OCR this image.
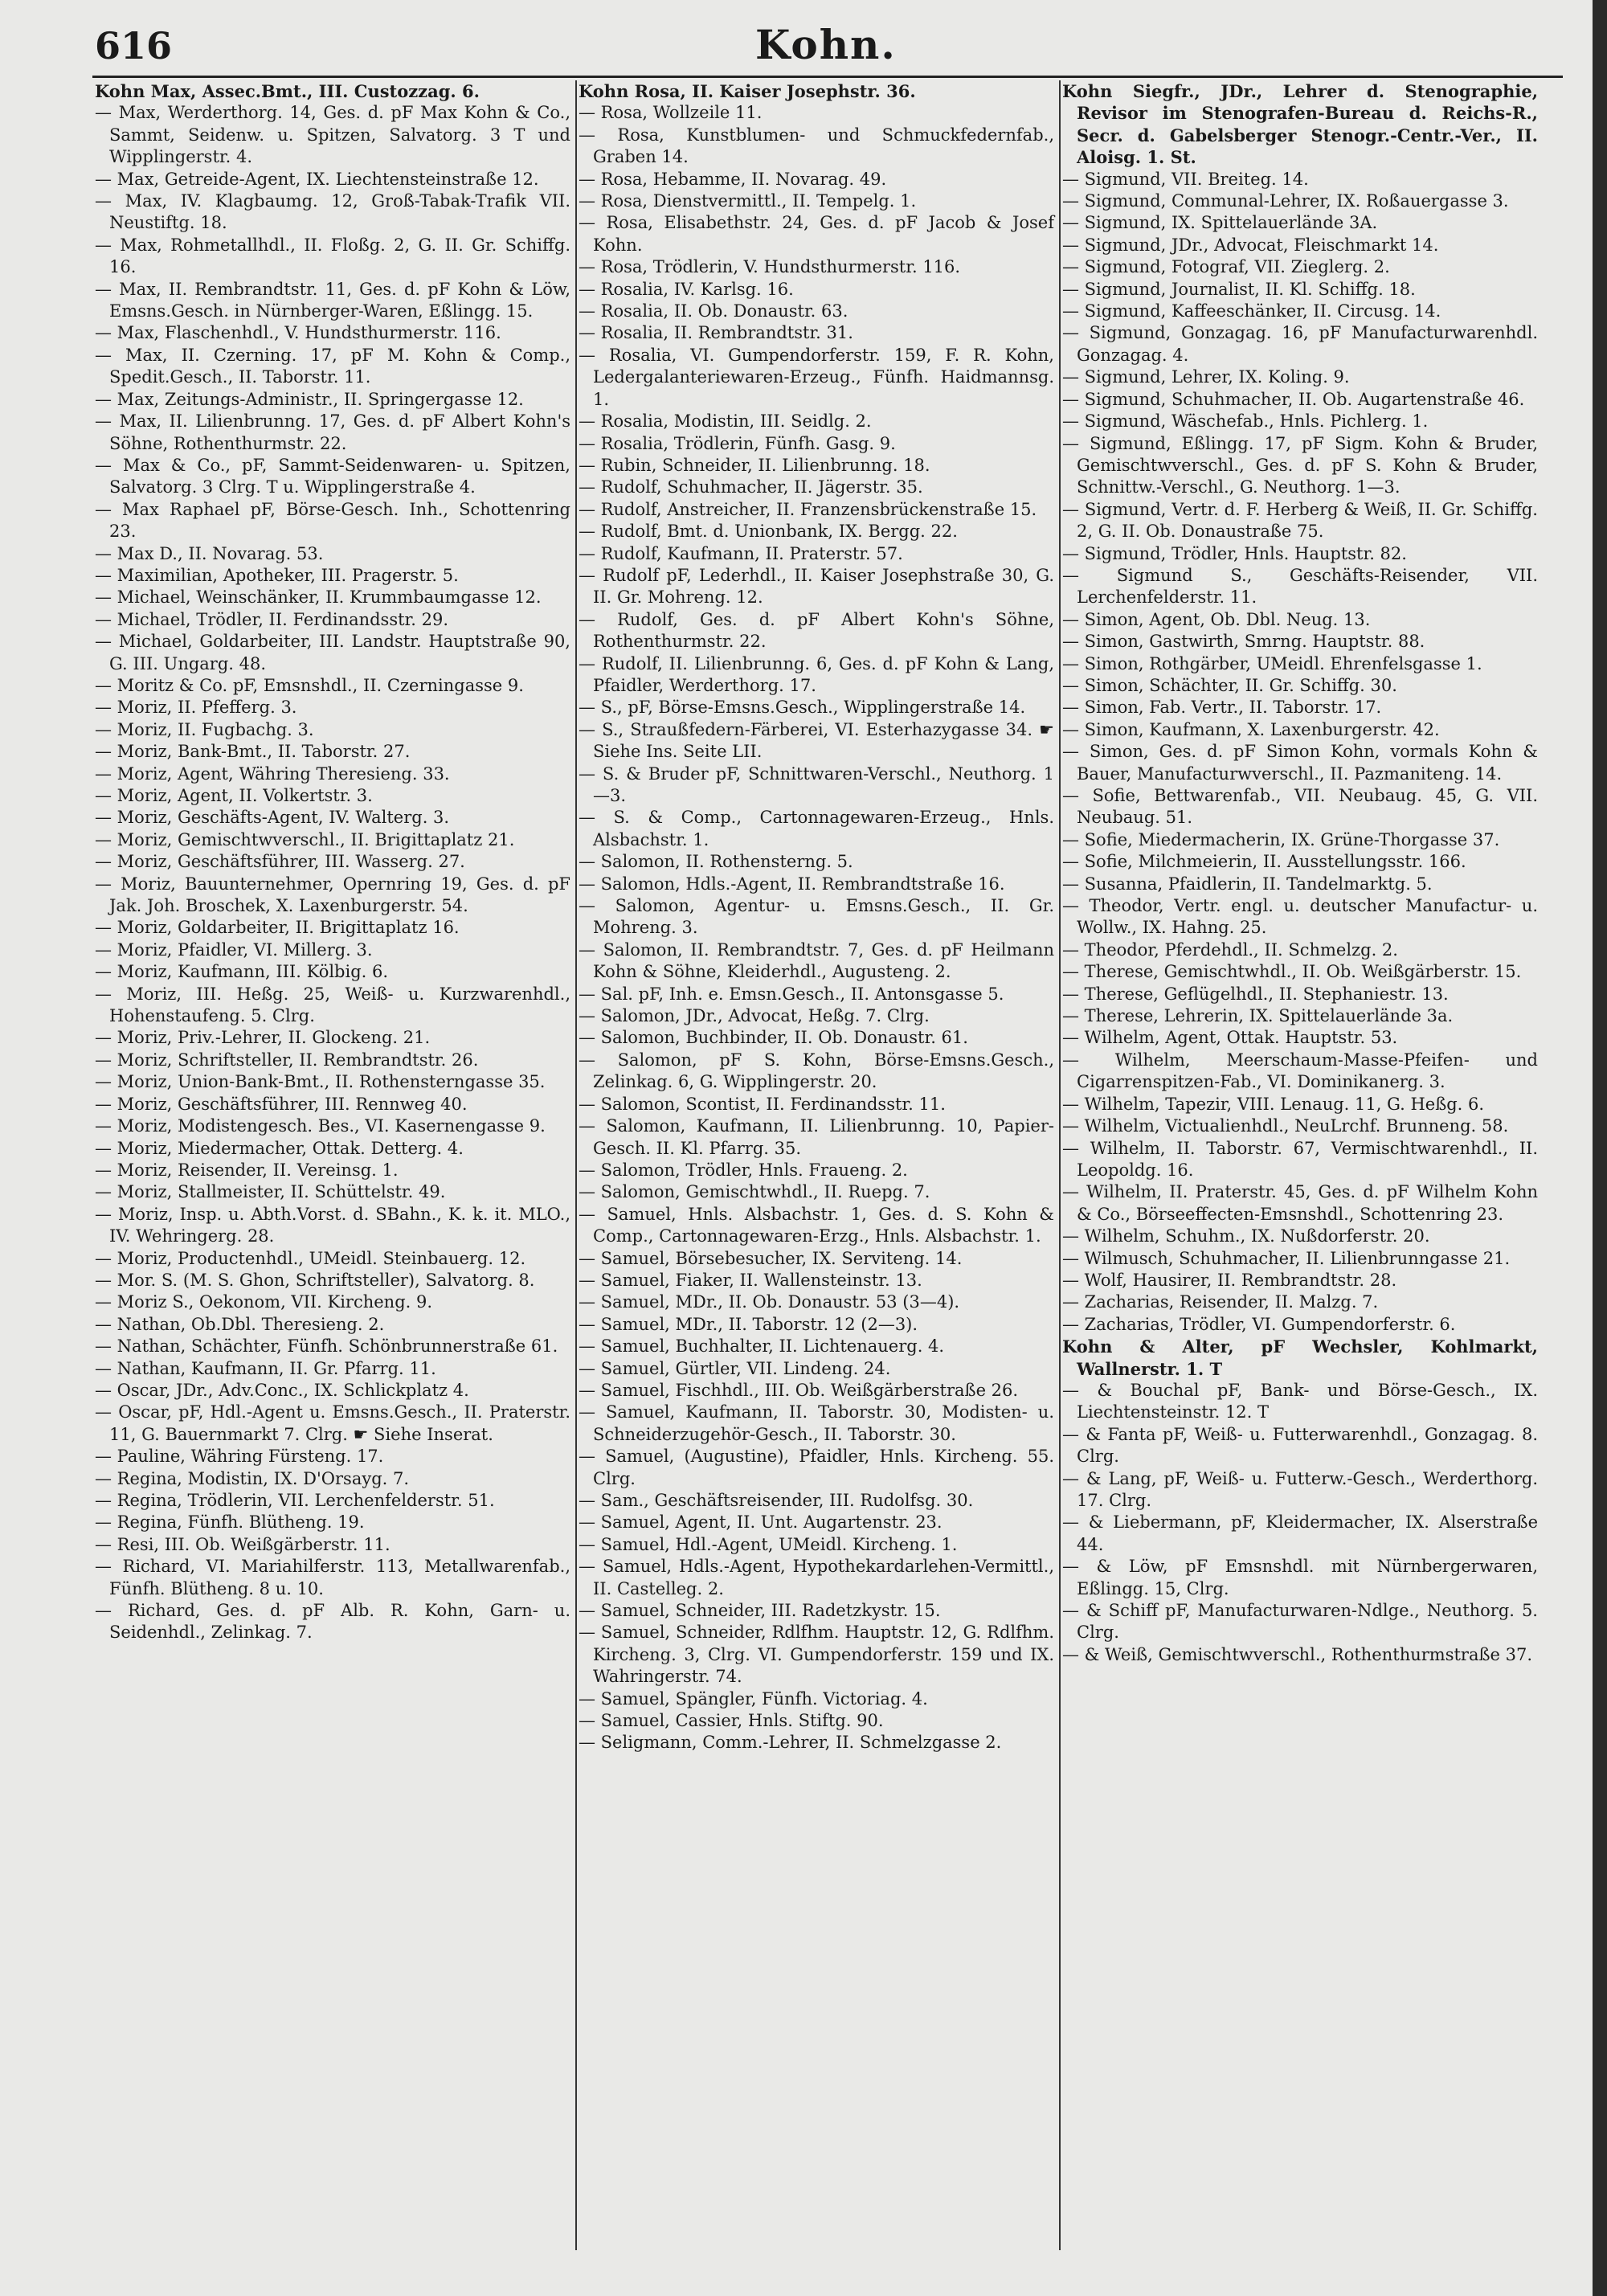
616	Kohn.
Kohn Max, Assec.Bmt., III. Custozzag. 6.
— Max, Werderthorg. 14, Ges. d. pF Max Kohn & Co., Sammt, Seidenw. u. Spitzen, Salvatorg. 3 T und Wipplingerstr. 4.
— Max, Getreide-Agent, IX. Liechtensteinstraße 12.
— Max, IV. Klagbaumg. 12, Groß-Tabak-Trafik VII. Neustiftg. 18.
— Max, Rohmetallhdl., II. Floßg. 2, G. II. Gr. Schiffg. 16.
— Max, II. Rembrandtstr. 11, Ges. d. pF Kohn & Löw, Emsns.Gesch. in Nürnberger-Waren, Eßlingg. 15.
— Max, Flaschenhdl., V. Hundsthurmerstr. 116.
— Max, II. Czerning. 17, pF M. Kohn & Comp., Spedit.Gesch., II. Taborstr. 11.
— Max, Zeitungs-Administr., II. Springergasse 12.
— Max, II. Lilienbrunng. 17, Ges. d. pF Albert Kohn's Söhne, Rothenthurmstr. 22.
— Max & Co., pF, Sammt-Seidenwaren- u. Spitzen, Salvatorg. 3 Clrg. T u. Wipplingerstraße 4.
— Max Raphael pF, Börse-Gesch. Inh., Schottenring 23.
— Max D., II. Novarag. 53.
— Maximilian, Apotheker, III. Pragerstr. 5.
— Michael, Weinschänker, II. Krummbaumgasse 12.
— Michael, Trödler, II. Ferdinandsstr. 29.
— Michael, Goldarbeiter, III. Landstr. Hauptstraße 90, G. III. Ungarg. 48.
— Moritz & Co. pF, Emsnshdl., II. Czerningasse 9.
— Moriz, II. Pfefferg. 3.
— Moriz, II. Fugbachg. 3.
— Moriz, Bank-Bmt., II. Taborstr. 27.
— Moriz, Agent, Währing Theresieng. 33.
— Moriz, Agent, II. Volkertstr. 3.
— Moriz, Geschäfts-Agent, IV. Walterg. 3.
— Moriz, Gemischtwverschl., II. Brigittaplatz 21.
— Moriz, Geschäftsführer, III. Wasserg. 27.
— Moriz, Bauunternehmer, Opernring 19, Ges. d. pF Jak. Joh. Broschek, X. Laxenburgerstr. 54.
— Moriz, Goldarbeiter, II. Brigittaplatz 16.
— Moriz, Pfaidler, VI. Millerg. 3.
— Moriz, Kaufmann, III. Kölbig. 6.
— Moriz, III. Heßg. 25, Weiß- u. Kurzwarenhdl., Hohenstaufeng. 5. Clrg.
— Moriz, Priv.-Lehrer, II. Glockeng. 21.
— Moriz, Schriftsteller, II. Rembrandtstr. 26.
— Moriz, Union-Bank-Bmt., II. Rothensterngasse 35.
— Moriz, Geschäftsführer, III. Rennweg 40.
— Moriz, Modistengesch. Bes., VI. Kasernengasse 9.
— Moriz, Miedermacher, Ottak. Detterg. 4.
— Moriz, Reisender, II. Vereinsg. 1.
— Moriz, Stallmeister, II. Schüttelstr. 49.
— Moriz, Insp. u. Abth.Vorst. d. SBahn., K. k. it. MLO., IV. Wehringerg. 28.
— Moriz, Productenhdl., UMeidl. Steinbauerg. 12.
— Mor. S. (M. S. Ghon, Schriftsteller), Salvatorg. 8.
— Moriz S., Oekonom, VII. Kircheng. 9.
— Nathan, Ob.Dbl. Theresieng. 2.
— Nathan, Schächter, Fünfh. Schönbrunnerstraße 61.
— Nathan, Kaufmann, II. Gr. Pfarrg. 11.
— Oscar, JDr., Adv.Conc., IX. Schlickplatz 4.
— Oscar, pF, Hdl.-Agent u. Emsns.Gesch., II. Praterstr. 11, G. Bauernmarkt 7. Clrg. ☛ Siehe Inserat.
— Pauline, Währing Fürsteng. 17.
— Regina, Modistin, IX. D'Orsayg. 7.
— Regina, Trödlerin, VII. Lerchenfelderstr. 51.
— Regina, Fünfh. Blütheng. 19.
— Resi, III. Ob. Weißgärberstr. 11.
— Richard, VI. Mariahilferstr. 113, Metallwarenfab., Fünfh. Blütheng. 8 u. 10.
— Richard, Ges. d. pF Alb. R. Kohn, Garn- u. Seidenhdl., Zelinkag. 7.
Kohn Rosa, II. Kaiser Josephstr. 36.
— Rosa, Wollzeile 11.
— Rosa, Kunstblumen- und Schmuckfedernfab., Graben 14.
— Rosa, Hebamme, II. Novarag. 49.
— Rosa, Dienstvermittl., II. Tempelg. 1.
— Rosa, Elisabethstr. 24, Ges. d. pF Jacob & Josef Kohn.
— Rosa, Trödlerin, V. Hundsthurmerstr. 116.
— Rosalia, IV. Karlsg. 16.
— Rosalia, II. Ob. Donaustr. 63.
— Rosalia, II. Rembrandtstr. 31.
— Rosalia, VI. Gumpendorferstr. 159, F. R. Kohn, Ledergalanteriewaren-Erzeug., Fünfh. Haidmannsg. 1.
— Rosalia, Modistin, III. Seidlg. 2.
— Rosalia, Trödlerin, Fünfh. Gasg. 9.
— Rubin, Schneider, II. Lilienbrunng. 18.
— Rudolf, Schuhmacher, II. Jägerstr. 35.
— Rudolf, Anstreicher, II. Franzensbrückenstraße 15.
— Rudolf, Bmt. d. Unionbank, IX. Bergg. 22.
— Rudolf, Kaufmann, II. Praterstr. 57.
— Rudolf pF, Lederhdl., II. Kaiser Josephstraße 30, G. II. Gr. Mohreng. 12.
— Rudolf, Ges. d. pF Albert Kohn's Söhne, Rothenthurmstr. 22.
— Rudolf, II. Lilienbrunng. 6, Ges. d. pF Kohn & Lang, Pfaidler, Werderthorg. 17.
— S., pF, Börse-Emsns.Gesch., Wipplingerstraße 14.
— S., Straußfedern-Färberei, VI. Esterhazygasse 34. ☛ Siehe Ins. Seite LII.
— S. & Bruder pF, Schnittwaren-Verschl., Neuthorg. 1—3.
— S. & Comp., Cartonnagewaren-Erzeug., Hnls. Alsbachstr. 1.
— Salomon, II. Rothensterng. 5.
— Salomon, Hdls.-Agent, II. Rembrandtstraße 16.
— Salomon, Agentur- u. Emsns.Gesch., II. Gr. Mohreng. 3.
— Salomon, II. Rembrandtstr. 7, Ges. d. pF Heilmann Kohn & Söhne, Kleiderhdl., Augusteng. 2.
— Sal. pF, Inh. e. Emsn.Gesch., II. Antonsgasse 5.
— Salomon, JDr., Advocat, Heßg. 7. Clrg.
— Salomon, Buchbinder, II. Ob. Donaustr. 61.
— Salomon, pF S. Kohn, Börse-Emsns.Gesch., Zelinkag. 6, G. Wipplingerstr. 20.
— Salomon, Scontist, II. Ferdinandsstr. 11.
— Salomon, Kaufmann, II. Lilienbrunng. 10, Papier-Gesch. II. Kl. Pfarrg. 35.
— Salomon, Trödler, Hnls. Fraueng. 2.
— Salomon, Gemischtwhdl., II. Ruepg. 7.
— Samuel, Hnls. Alsbachstr. 1, Ges. d. S. Kohn & Comp., Cartonnagewaren-Erzg., Hnls. Alsbachstr. 1.
— Samuel, Börsebesucher, IX. Serviteng. 14.
— Samuel, Fiaker, II. Wallensteinstr. 13.
— Samuel, MDr., II. Ob. Donaustr. 53 (3—4).
— Samuel, MDr., II. Taborstr. 12 (2—3).
— Samuel, Buchhalter, II. Lichtenauerg. 4.
— Samuel, Gürtler, VII. Lindeng. 24.
— Samuel, Fischhdl., III. Ob. Weißgärberstraße 26.
— Samuel, Kaufmann, II. Taborstr. 30, Modisten- u. Schneiderzugehör-Gesch., II. Taborstr. 30.
— Samuel, (Augustine), Pfaidler, Hnls. Kircheng. 55. Clrg.
— Sam., Geschäftsreisender, III. Rudolfsg. 30.
— Samuel, Agent, II. Unt. Augartenstr. 23.
— Samuel, Hdl.-Agent, UMeidl. Kircheng. 1.
— Samuel, Hdls.-Agent, Hypothekardarlehen-Vermittl., II. Castelleg. 2.
— Samuel, Schneider, III. Radetzkystr. 15.
— Samuel, Schneider, Rdlfhm. Hauptstr. 12, G. Rdlfhm. Kircheng. 3, Clrg. VI. Gumpendorferstr. 159 und IX. Wahringerstr. 74.
— Samuel, Spängler, Fünfh. Victoriag. 4.
— Samuel, Cassier, Hnls. Stiftg. 90.
— Seligmann, Comm.-Lehrer, II. Schmelzgasse 2.
Kohn Siegfr., JDr., Lehrer d. Stenographie, Revisor im Stenografen-Bureau d. Reichs-R., Secr. d. Gabelsberger Stenogr.-Centr.-Ver., II. Aloisg. 1. St.
— Sigmund, VII. Breiteg. 14.
— Sigmund, Communal-Lehrer, IX. Roßauergasse 3.
— Sigmund, IX. Spittelauerlände 3A.
— Sigmund, JDr., Advocat, Fleischmarkt 14.
— Sigmund, Fotograf, VII. Zieglerg. 2.
— Sigmund, Journalist, II. Kl. Schiffg. 18.
— Sigmund, Kaffeeschänker, II. Circusg. 14.
— Sigmund, Gonzagag. 16, pF Manufacturwarenhdl. Gonzagag. 4.
— Sigmund, Lehrer, IX. Koling. 9.
— Sigmund, Schuhmacher, II. Ob. Augartenstraße 46.
— Sigmund, Wäschefab., Hnls. Pichlerg. 1.
— Sigmund, Eßlingg. 17, pF Sigm. Kohn & Bruder, Gemischtwverschl., Ges. d. pF S. Kohn & Bruder, Schnittw.-Verschl., G. Neuthorg. 1—3.
— Sigmund, Vertr. d. F. Herberg & Weiß, II. Gr. Schiffg. 2, G. II. Ob. Donaustraße 75.
— Sigmund, Trödler, Hnls. Hauptstr. 82.
— Sigmund S., Geschäfts-Reisender, VII. Lerchenfelderstr. 11.
— Simon, Agent, Ob. Dbl. Neug. 13.
— Simon, Gastwirth, Smrng. Hauptstr. 88.
— Simon, Rothgärber, UMeidl. Ehrenfelsgasse 1.
— Simon, Schächter, II. Gr. Schiffg. 30.
— Simon, Fab. Vertr., II. Taborstr. 17.
— Simon, Kaufmann, X. Laxenburgerstr. 42.
— Simon, Ges. d. pF Simon Kohn, vormals Kohn & Bauer, Manufacturwverschl., II. Pazmaniteng. 14.
— Sofie, Bettwarenfab., VII. Neubaug. 45, G. VII. Neubaug. 51.
— Sofie, Miedermacherin, IX. Grüne-Thorgasse 37.
— Sofie, Milchmeierin, II. Ausstellungsstr. 166.
— Susanna, Pfaidlerin, II. Tandelmarktg. 5.
— Theodor, Vertr. engl. u. deutscher Manufactur- u. Wollw., IX. Hahng. 25.
— Theodor, Pferdehdl., II. Schmelzg. 2.
— Therese, Gemischtwhdl., II. Ob. Weißgärberstr. 15.
— Therese, Geflügelhdl., II. Stephaniestr. 13.
— Therese, Lehrerin, IX. Spittelauerlände 3a.
— Wilhelm, Agent, Ottak. Hauptstr. 53.
— Wilhelm, Meerschaum-Masse-Pfeifen- und Cigarrenspitzen-Fab., VI. Dominikanerg. 3.
— Wilhelm, Tapezir, VIII. Lenaug. 11, G. Heßg. 6.
— Wilhelm, Victualienhdl., NeuLrchf. Brunneng. 58.
— Wilhelm, II. Taborstr. 67, Vermischtwarenhdl., II. Leopoldg. 16.
— Wilhelm, II. Praterstr. 45, Ges. d. pF Wilhelm Kohn & Co., Börseeffecten-Emsnshdl., Schottenring 23.
— Wilhelm, Schuhm., IX. Nußdorferstr. 20.
— Wilmusch, Schuhmacher, II. Lilienbrunngasse 21.
— Wolf, Hausirer, II. Rembrandtstr. 28.
— Zacharias, Reisender, II. Malzg. 7.
— Zacharias, Trödler, VI. Gumpendorferstr. 6.
Kohn & Alter, pF Wechsler, Kohlmarkt, Wallnerstr. 1. T
— & Bouchal pF, Bank- und Börse-Gesch., IX. Liechtensteinstr. 12. T
— & Fanta pF, Weiß- u. Futterwarenhdl., Gonzagag. 8. Clrg.
— & Lang, pF, Weiß- u. Futterw.-Gesch., Werderthorg. 17. Clrg.
— & Liebermann, pF, Kleidermacher, IX. Alserstraße 44.
— & Löw, pF Emsnshdl. mit Nürnbergerwaren, Eßlingg. 15, Clrg.
— & Schiff pF, Manufacturwaren-Ndlge., Neuthorg. 5. Clrg.
— & Weiß, Gemischtwverschl., Rothenthurmstraße 37.
